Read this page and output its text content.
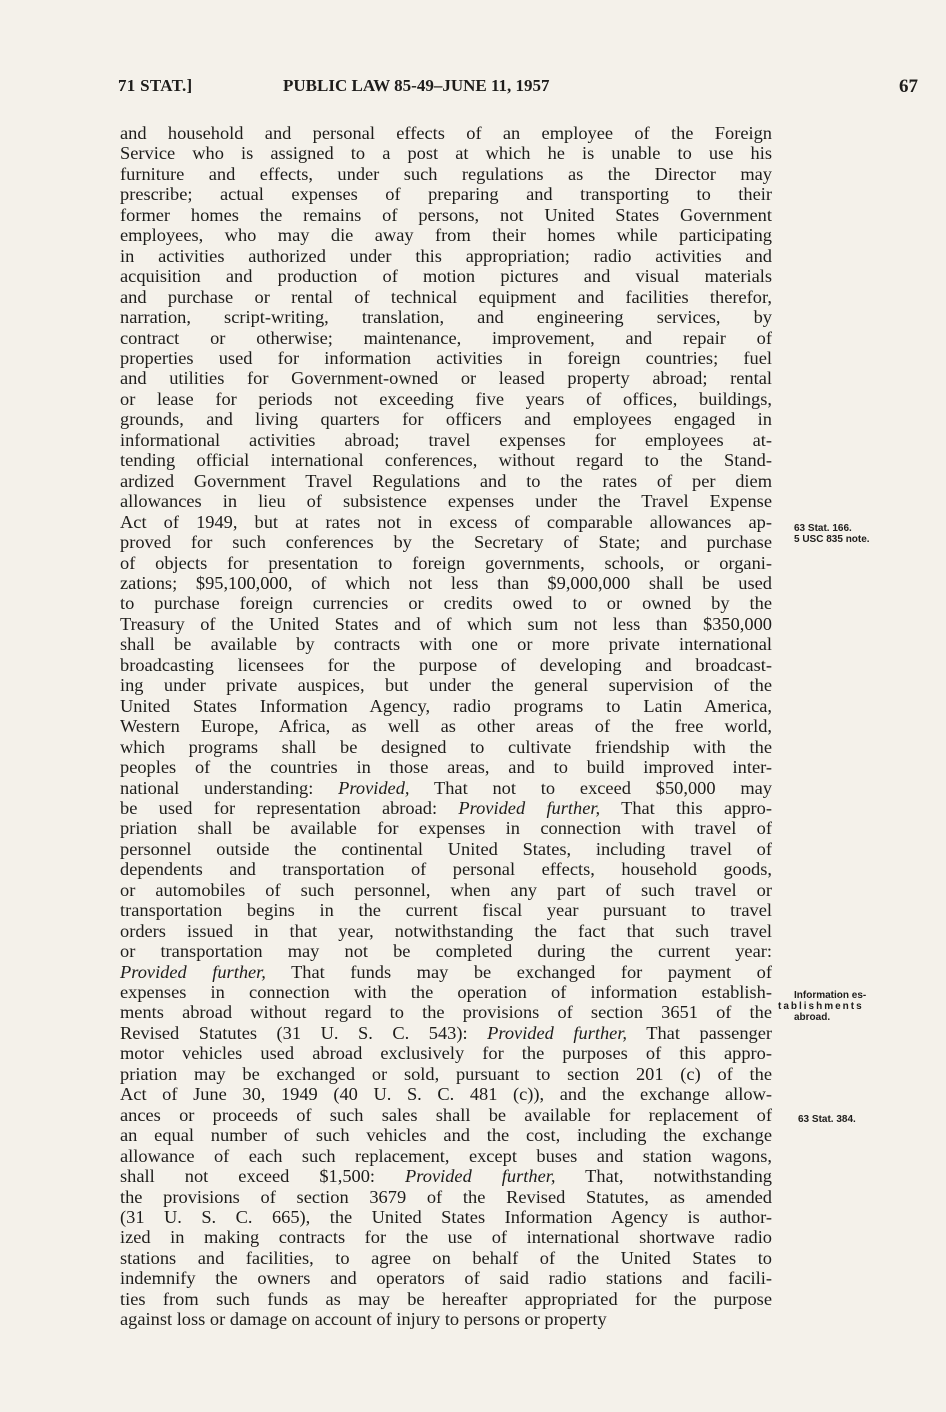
71 STAT.]	PUBLIC LAW 85-49–JUNE 11, 1957	67
and household and personal effects of an employee of the Foreign
Service who is assigned to a post at which he is unable to use his
furniture and effects, under such regulations as the Director may
prescribe; actual expenses of preparing and transporting to their
former homes the remains of persons, not United States Government
employees, who may die away from their homes while participating
in activities authorized under this appropriation; radio activities and
acquisition and production of motion pictures and visual materials
and purchase or rental of technical equipment and facilities therefor,
narration, script-writing, translation, and engineering services, by
contract or otherwise; maintenance, improvement, and repair of
properties used for information activities in foreign countries; fuel
and utilities for Government-owned or leased property abroad; rental
or lease for periods not exceeding five years of offices, buildings,
grounds, and living quarters for officers and employees engaged in
informational activities abroad; travel expenses for employees at-
tending official international conferences, without regard to the Stand-
ardized Government Travel Regulations and to the rates of per diem
allowances in lieu of subsistence expenses under the Travel Expense
Act of 1949, but at rates not in excess of comparable allowances ap-
proved for such conferences by the Secretary of State; and purchase
of objects for presentation to foreign governments, schools, or organi-
zations; $95,100,000, of which not less than $9,000,000 shall be used
to purchase foreign currencies or credits owed to or owned by the
Treasury of the United States and of which sum not less than $350,000
shall be available by contracts with one or more private international
broadcasting licensees for the purpose of developing and broadcast-
ing under private auspices, but under the general supervision of the
United States Information Agency, radio programs to Latin America,
Western Europe, Africa, as well as other areas of the free world,
which programs shall be designed to cultivate friendship with the
peoples of the countries in those areas, and to build improved inter-
national understanding: Provided, That not to exceed $50,000 may
be used for representation abroad: Provided further, That this appro-
priation shall be available for expenses in connection with travel of
personnel outside the continental United States, including travel of
dependents and transportation of personal effects, household goods,
or automobiles of such personnel, when any part of such travel or
transportation begins in the current fiscal year pursuant to travel
orders issued in that year, notwithstanding the fact that such travel
or transportation may not be completed during the current year:
Provided further, That funds may be exchanged for payment of
expenses in connection with the operation of information establish-
ments abroad without regard to the provisions of section 3651 of the
Revised Statutes (31 U. S. C. 543): Provided further, That passenger
motor vehicles used abroad exclusively for the purposes of this appro-
priation may be exchanged or sold, pursuant to section 201 (c) of the
Act of June 30, 1949 (40 U. S. C. 481 (c)), and the exchange allow-
ances or proceeds of such sales shall be available for replacement of
an equal number of such vehicles and the cost, including the exchange
allowance of each such replacement, except buses and station wagons,
shall not exceed $1,500: Provided further, That, notwithstanding
the provisions of section 3679 of the Revised Statutes, as amended
(31 U. S. C. 665), the United States Information Agency is author-
ized in making contracts for the use of international shortwave radio
stations and facilities, to agree on behalf of the United States to
indemnify the owners and operators of said radio stations and facili-
ties from such funds as may be hereafter appropriated for the purpose
against loss or damage on account of injury to persons or property
63 Stat. 166.
5 USC 835 note.
Information es-
tablishments
abroad.
63 Stat. 384.
